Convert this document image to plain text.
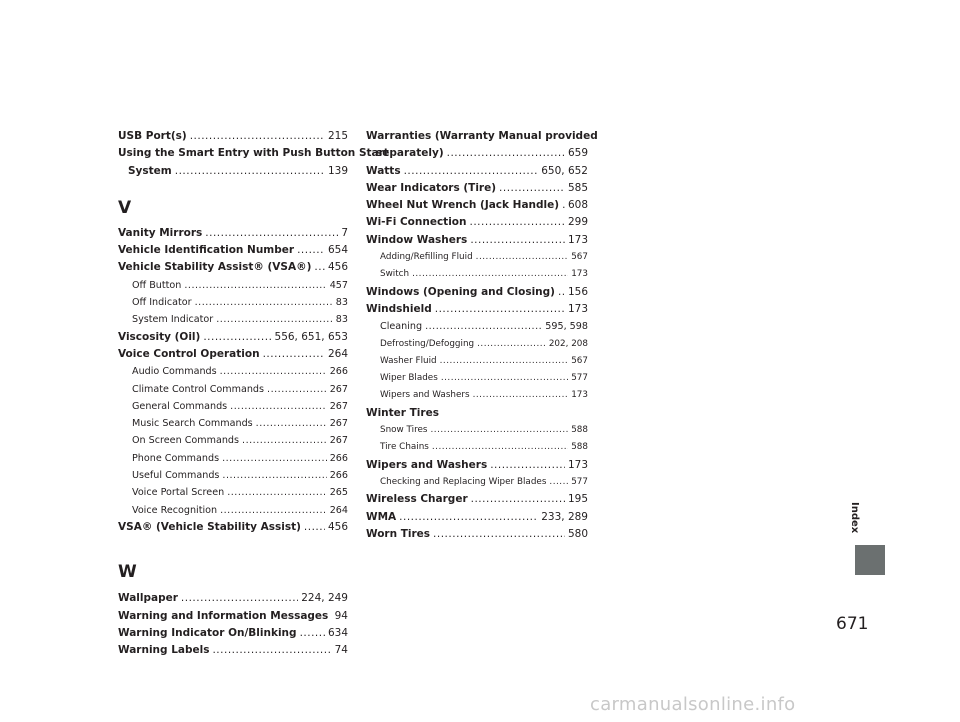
USB Port(s) .....	215
Using the Smart Entry with Push Button Start
System .....	139
V
Vanity Mirrors .....	7
Vehicle Identification Number .....	654
Vehicle Stability Assist® (VSA®) ..... 456
Off Button .....	457
Off Indicator .....	83
System Indicator .....	83
Viscosity (Oil) .....	556, 651, 653
Voice Control Operation .....	264
Audio Commands .....	266
Climate Control Commands .....	267
General Commands .....	267
Music Search Commands .....	267
On Screen Commands .....	267
Phone Commands .....	266
Useful Commands .....	266
Voice Portal Screen .....	265
Voice Recognition .....	264
VSA® (Vehicle Stability Assist) .....	456
W
Wallpaper .....	224, 249
Warning and Information Messages ..... 94
Warning Indicator On/Blinking .....	634
Warning Labels .....	74
Warranties (Warranty Manual provided
separately) .....	659
Watts .....	650, 652
Wear Indicators (Tire) .....	585
Wheel Nut Wrench (Jack Handle) ..... 608
Wi-Fi Connection .....	299
Window Washers .....	173
Adding/Refilling Fluid .....	567
Switch .....	173
Windows (Opening and Closing) ..... 156
Windshield .....	173
Cleaning .....	595, 598
Defrosting/Defogging .....	202, 208
Washer Fluid .....	567
Wiper Blades .....	577
Wipers and Washers .....	173
Winter Tires
Snow Tires .....	588
Tire Chains .....	588
Wipers and Washers .....	173
Checking and Replacing Wiper Blades .....	577
Wireless Charger .....	195
WMA .....	233, 289
Worn Tires .....	580
Index
671
carmanualsonline.info
